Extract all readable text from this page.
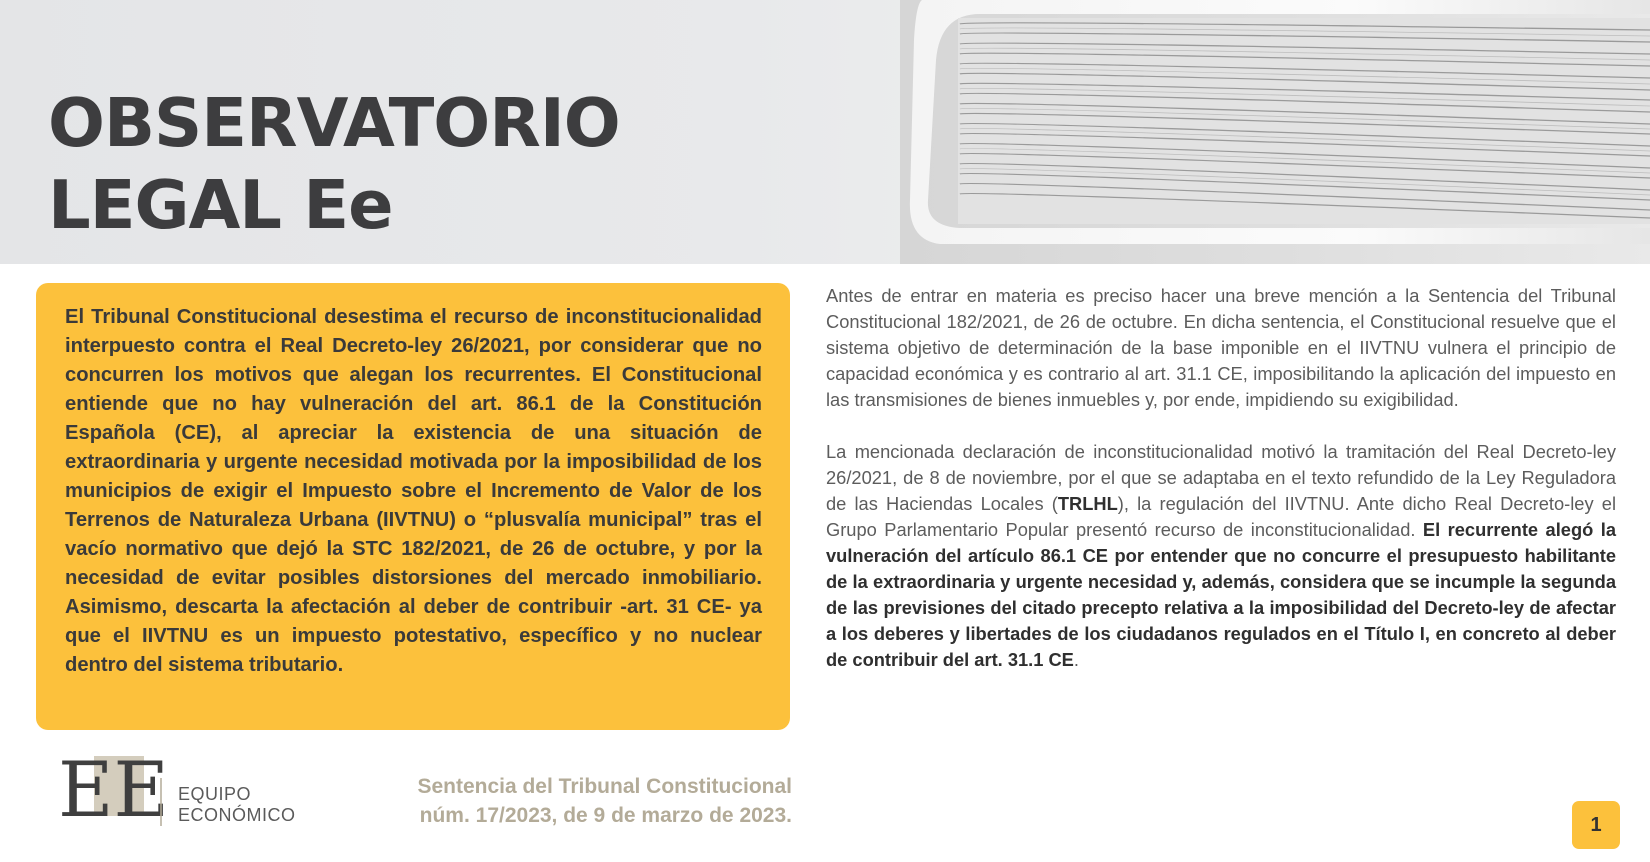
OBSERVATORIO
LEGAL Ee

El Tribunal Constitucional desestima el recurso de inconstitucionalidad interpuesto contra el Real Decreto-ley 26/2021, por considerar que no concurren los motivos que alegan los recurrentes. El Constitucional entiende que no hay vulneración del art. 86.1 de la Constitución Española (CE), al apreciar la existencia de una situación de extraordinaria y urgente necesidad motivada por la imposibilidad de los municipios de exigir el Impuesto sobre el Incremento de Valor de los Terrenos de Naturaleza Urbana (IIVTNU) o “plusvalía municipal” tras el vacío normativo que dejó la STC 182/2021, de 26 de octubre, y por la necesidad de evitar posibles distorsiones del mercado inmobiliario. Asimismo, descarta la afectación al deber de contribuir -art. 31 CE- ya que el IIVTNU es un impuesto potestativo, específico y no nuclear dentro del sistema tributario.

Antes de entrar en materia es preciso hacer una breve mención a la Sentencia del Tribunal Constitucional 182/2021, de 26 de octubre. En dicha sentencia, el Constitucional resuelve que el sistema objetivo de determinación de la base imponible en el IIVTNU vulnera el principio de capacidad económica y es contrario al art. 31.1 CE, imposibilitando la aplicación del impuesto en las transmisiones de bienes inmuebles y, por ende, impidiendo su exigibilidad.

La mencionada declaración de inconstitucionalidad motivó la tramitación del Real Decreto-ley 26/2021, de 8 de noviembre, por el que se adaptaba en el texto refundido de la Ley Reguladora de las Haciendas Locales (TRLHL), la regulación del IIVTNU. Ante dicho Real Decreto-ley el Grupo Parlamentario Popular presentó recurso de inconstitucionalidad. El recurrente alegó la vulneración del artículo 86.1 CE por entender que no concurre el presupuesto habilitante de la extraordinaria y urgente necesidad y, además, considera que se incumple la segunda de las previsiones del citado precepto relativa a la imposibilidad del Decreto-ley de afectar a los deberes y libertades de los ciudadanos regulados en el Título I, en concreto al deber de contribuir del art. 31.1 CE.

EE EQUIPO
ECONÓMICO
Sentencia del Tribunal Constitucional
núm. 17/2023, de 9 de marzo de 2023.	1
